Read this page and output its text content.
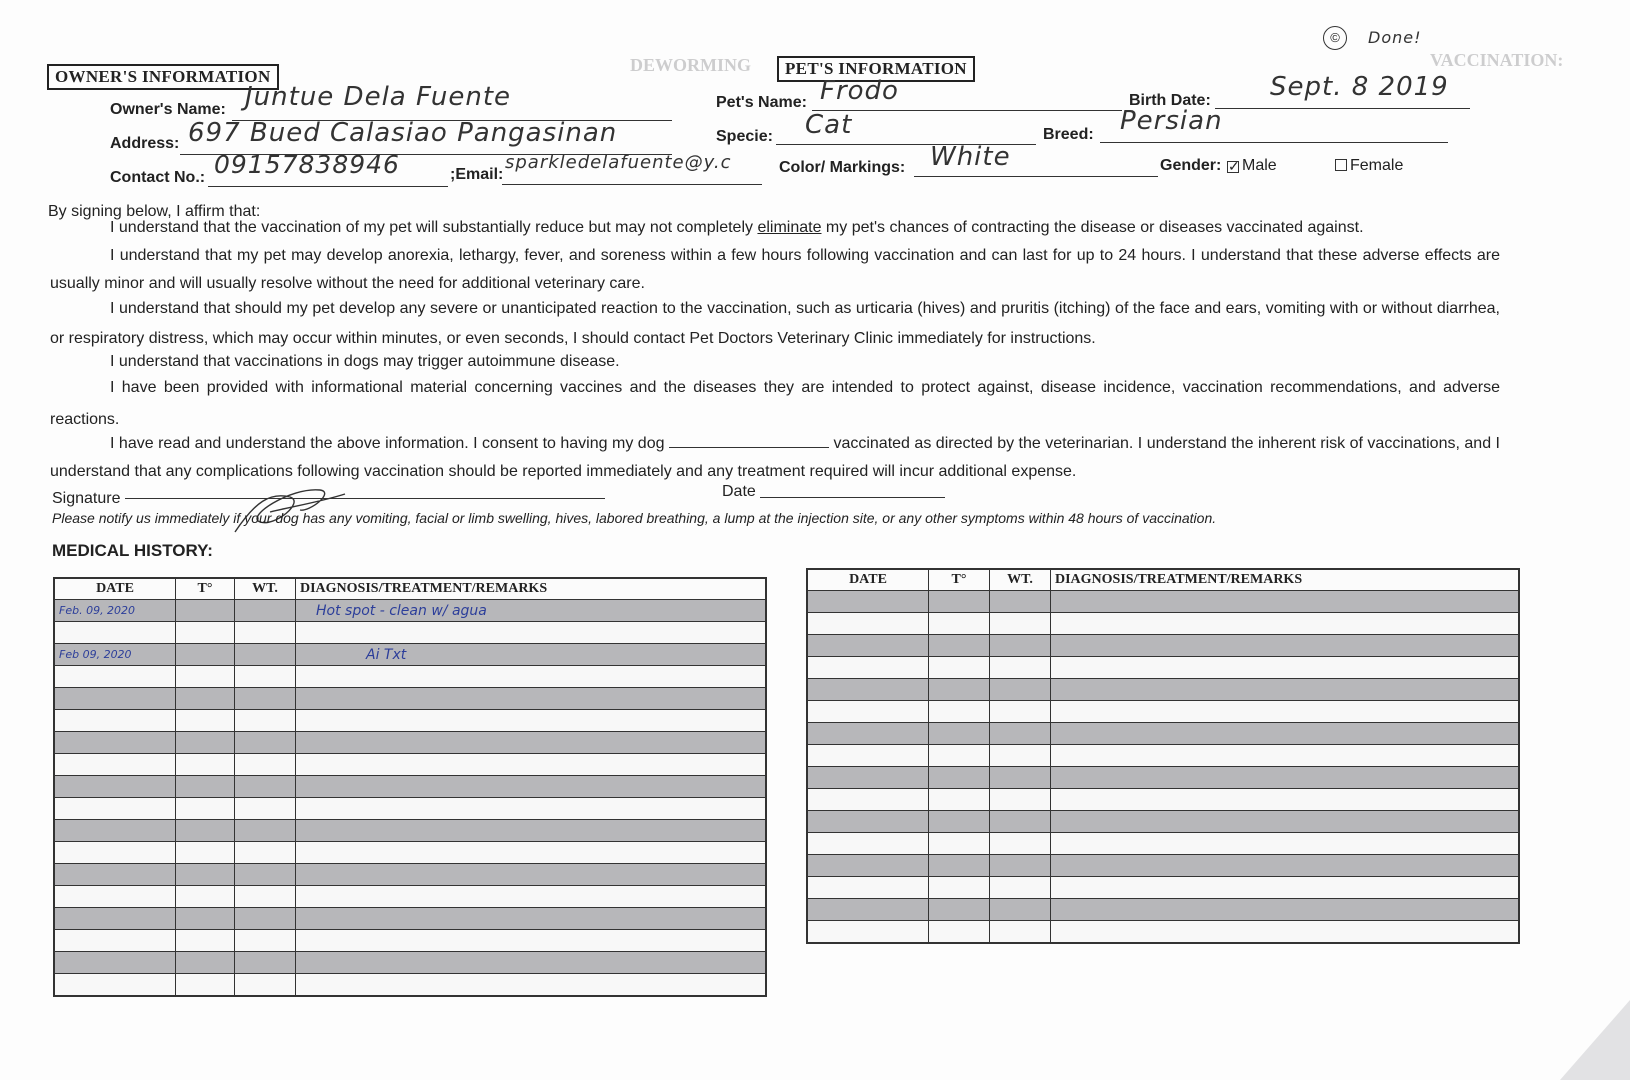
DEWORMING	VACCINATION:
©	Done!
OWNER'S INFORMATION
Owner's Name: Juntue Dela Fuente
Address: 697 Bued Calasiao Pangasinan
Contact No.: 09157838946	;Email:
sparkledelafuente@y.c
PET'S INFORMATION
Pet's Name: Frodo	Birth Date: Sept. 8 2019
Specie: Cat	Breed: Persian
Color/ Markings: White	Gender: ✓ Male	Female
By signing below, I affirm that:
I understand that the vaccination of my pet will substantially reduce but may not completely eliminate my pet's chances of contracting the disease or diseases vaccinated against.
I understand that my pet may develop anorexia, lethargy, fever, and soreness within a few hours following vaccination and can last for up to 24 hours. I understand that these adverse effects are usually minor and will usually resolve without the need for additional veterinary care.
I understand that should my pet develop any severe or unanticipated reaction to the vaccination, such as urticaria (hives) and pruritis (itching) of the face and ears, vomiting with or without diarrhea, or respiratory distress, which may occur within minutes, or even seconds, I should contact Pet Doctors Veterinary Clinic immediately for instructions.
I understand that vaccinations in dogs may trigger autoimmune disease.
I have been provided with informational material concerning vaccines and the diseases they are intended to protect against, disease incidence, vaccination recommendations, and adverse reactions.
I have read and understand the above information. I consent to having my dog	vaccinated as directed by the veterinarian. I understand the inherent risk of vaccinations, and I understand that any complications following vaccination should be reported immediately and any treatment required will incur additional expense.
Signature	Date
Please notify us immediately if your dog has any vomiting, facial or limb swelling, hives, labored breathing, a lump at the injection site, or any other symptoms within 48 hours of vaccination.
MEDICAL HISTORY:
DATE	T°	WT.	DIAGNOSIS/TREATMENT/REMARKS
Feb. 09, 2020			Hot spot - clean w/ agua

Feb 09, 2020			Ai Txt

DATE	T°	WT.	DIAGNOSIS/TREATMENT/REMARKS
